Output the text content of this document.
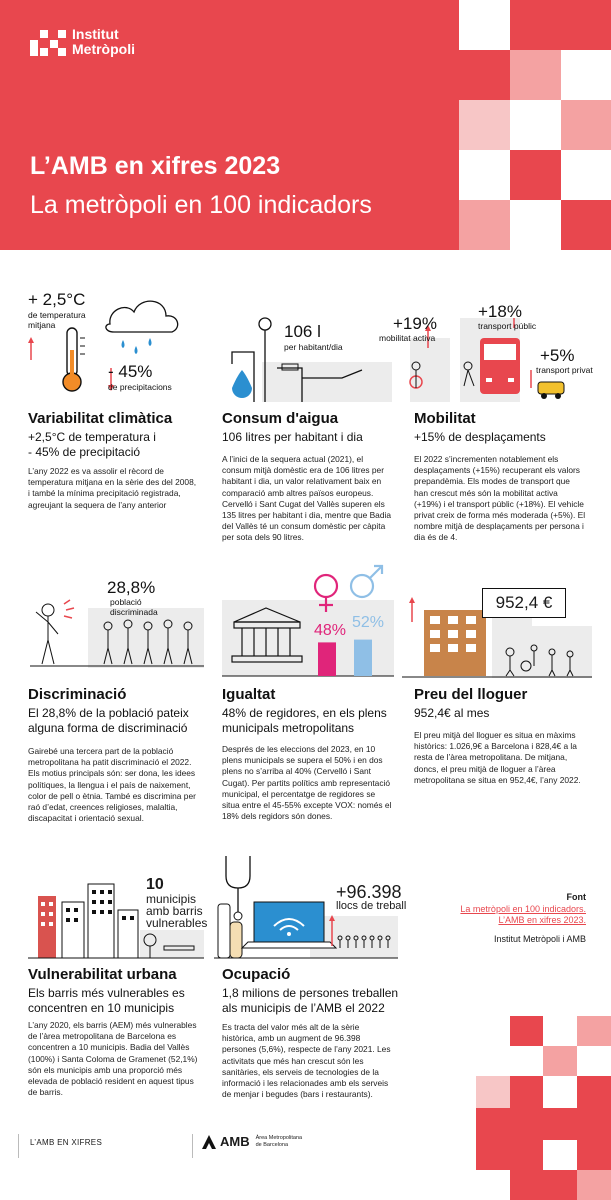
Institut
Metròpoli
L’AMB en xifres 2023
La metròpoli en 100 indicadors
+ 2,5°C
de temperatura
mitjana
- 45%
de precipitacions
Variabilitat climàtica
+2,5°C de temperatura i
- 45% de precipitació
L’any 2022 es va assolir el rècord de temperatura mitjana en la sèrie des del 2008, i també la mínima precipitació registrada, agreujant la sequera de l’any anterior
106 l
per habitant/dia
Consum d'aigua
106 litres per habitant i dia
A l’inici de la sequera actual (2021), el consum mitjà domèstic era de 106 litres per habitant i dia, un valor relativament baix en comparació amb altres països europeus. Cervelló i Sant Cugat del Vallès superen els 135 litres per habitant i dia, mentre que Badia del Vallès té un consum domèstic per càpita per sota dels 90 litres.
+19%
mobilitat activa
+18%
transport públic
+5%
transport privat
Mobilitat
+15% de desplaçaments
El 2022 s’incrementen notablement els desplaçaments (+15%) recuperant els valors prepandèmia. Els modes de transport que han crescut més són la mobilitat activa (+19%) i el transport públic (+18%). El vehicle privat creix de forma més moderada (+5%). El nombre mitjà de desplaçaments per persona i dia és de 4.
28,8%
població
discriminada
Discriminació
El 28,8% de la població pateix
alguna forma de discriminació
Gairebé una tercera part de la població metropolitana ha patit discriminació el 2022. Els motius principals són: ser dona, les idees polítiques, la llengua i el país de naixement, color de pell o ètnia. També es discrimina per raó d’edat, creences religioses, malaltia, discapacitat i orientació sexual.
48% 52%
Igualtat
48% de regidores, en els plens
municipals metropolitans
Després de les eleccions del 2023, en 10 plens municipals se supera el 50% i en dos plens no s’arriba al 40% (Cervelló i Sant Cugat). Per partits polítics amb representació municipal, el percentatge de regidores se situa entre el 45-55% excepte VOX: només el 18% dels regidors són dones.
952,4 €
Preu del lloguer
952,4€ al mes
El preu mitjà del lloguer es situa en màxims històrics: 1.026,9€ a Barcelona i 828,4€ a la resta de l’àrea metropolitana. De mitjana, doncs, el preu mitjà de lloguer a l’àrea metropolitana se situa en 952,4€, l’any 2022.
10
municipis
amb barris
vulnerables
Vulnerabilitat urbana
Els barris més vulnerables es
concentren en 10 municipis
L’any 2020, els barris (AEM) més vulnerables de l’àrea metropolitana de Barcelona es concentren a 10 municipis. Badia del Vallès (100%) i Santa Coloma de Gramenet (52,1%) són els municipis amb una proporció més elevada de població resident en aquest tipus de barris.
+96.398
llocs de treball
Ocupació
1,8 milions de persones treballen
als municipis de l’AMB el 2022
Es tracta del valor més alt de la sèrie històrica, amb un augment de 96.398 persones (5,6%), respecte de l’any 2021. Les activitats que més han crescut són les sanitàries, els serveis de tecnologies de la informació i les relacionades amb els serveis de menjar i begudes (bars i restaurants).
Font
La metròpoli en 100 indicadors.
L’AMB en xifres 2023.
Institut Metròpoli i AMB
L’AMB EN XIFRES	AMB Àrea Metropolitana
de Barcelona
